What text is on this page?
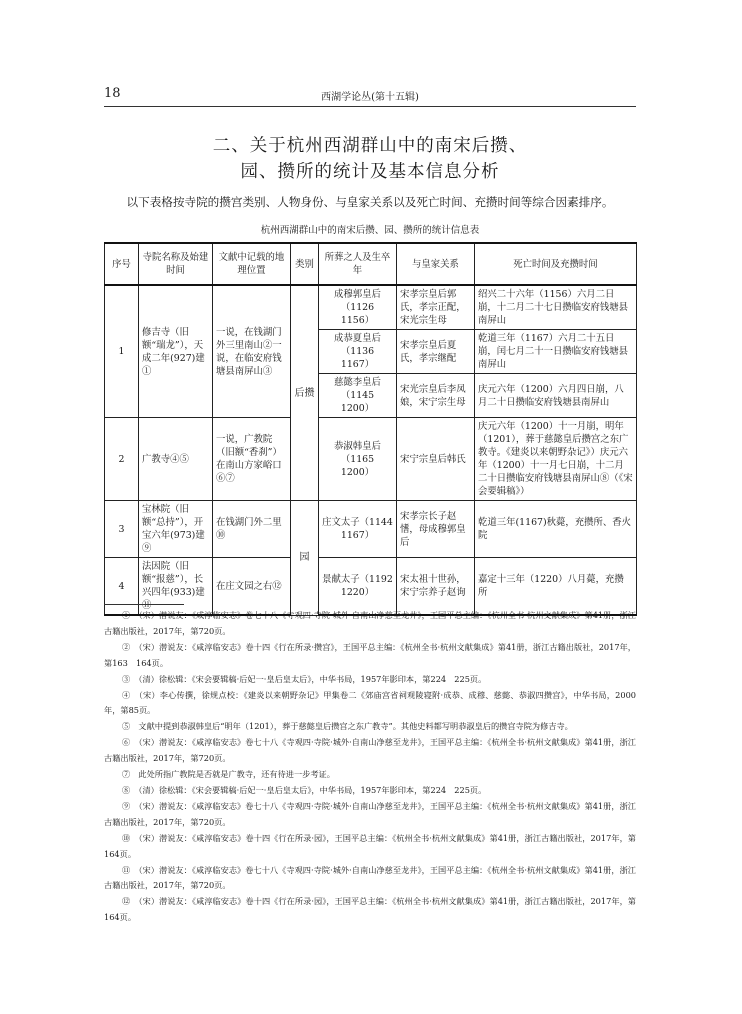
18	西湖学论丛(第十五辑)
二、关于杭州西湖群山中的南宋后攒、
园、攒所的统计及基本信息分析
以下表格按寺院的攒宫类别、人物身份、与皇家关系以及死亡时间、充攒时间等综合因素排序。
杭州西湖群山中的南宋后攒、园、攒所的统计信息表
序号	寺院名称及始建时间	文献中记载的地理位置	类别	所葬之人及生卒年	与皇家关系	死亡时间及充攒时间
1	修吉寺（旧额“瑞龙”），天成二年(927)建①	一说，在钱湖门外三里南山②一说，在临安府钱塘县南屏山③	后攒	成穆郭皇后（1126　1156）	宋孝宗皇后郭氏，孝宗正配，宋光宗生母	绍兴二十六年（1156）六月二日崩，十二月二十七日攒临安府钱塘县南屏山
				成恭夏皇后（1136　1167）	宋孝宗皇后夏氏，孝宗继配	乾道三年（1167）六月二十五日崩，闰七月二十一日攒临安府钱塘县南屏山
				慈懿李皇后（1145　1200）	宋光宗皇后李凤娘，宋宁宗生母	庆元六年（1200）六月四日崩，八月二十日攒临安府钱塘县南屏山
2	广教寺④⑤	一说，广教院（旧额“香刹”）在南山方家峪口⑥⑦		恭淑韩皇后（1165　1200）	宋宁宗皇后韩氏	庆元六年（1200）十一月崩，明年（1201），葬于慈懿皇后攒宫之东广教寺。《建炎以来朝野杂记》）庆元六年（1200）十一月七日崩，十二月二十日攒临安府钱塘县南屏山⑧（《宋会要辑稿》）
3	宝林院（旧额“总持”），开宝六年(973)建⑨	在钱湖门外二里⑩	园	庄文太子（1144　1167）	宋孝宗长子赵愭，母成穆郭皇后	乾道三年(1167)秋薨，充攒所、香火院
4	法因院（旧额“报慈”），长兴四年(933)建⑪	在庄文园之右⑫		景献太子（1192　1220）	宋太祖十世孙，宋宁宗养子赵询	嘉定十三年（1220）八月薨，充攒所
①　（宋）潜说友：《咸淳临安志》卷七十八《寺观四·寺院·城外·自南山净慈至龙井》，王国平总主编：《杭州全书·杭州文献集成》第41册，浙江古籍出版社，2017年，第720页。
②　（宋）潜说友：《咸淳临安志》卷十四《行在所录·攒宫》，王国平总主编：《杭州全书·杭州文献集成》第41册，浙江古籍出版社，2017年，第163　164页。
③　（清）徐松辑：《宋会要辑稿·后妃一·皇后皇太后》，中华书局，1957年影印本，第224　225页。
④　（宋）李心传撰，徐规点校：《建炎以来朝野杂记》甲集卷二《郊庙宫省祠观陵寝附·成恭、成穆、慈懿、恭淑四攒宫》，中华书局，2000年，第85页。
⑤　文献中提到恭淑韩皇后“明年（1201），葬于慈懿皇后攒宫之东广教寺”。其他史料都写明恭淑皇后的攒宫寺院为修吉寺。
⑥　（宋）潜说友：《咸淳临安志》卷七十八《寺观四·寺院·城外·自南山净慈至龙井》，王国平总主编：《杭州全书·杭州文献集成》第41册，浙江古籍出版社，2017年，第720页。
⑦　此处所指广教院是否就是广教寺，还有待进一步考证。
⑧　（清）徐松辑：《宋会要辑稿·后妃一·皇后皇太后》，中华书局，1957年影印本，第224　225页。
⑨　（宋）潜说友：《咸淳临安志》卷七十八《寺观四·寺院·城外·自南山净慈至龙井》，王国平总主编：《杭州全书·杭州文献集成》第41册，浙江古籍出版社，2017年，第720页。
⑩　（宋）潜说友：《咸淳临安志》卷十四《行在所录·园》，王国平总主编：《杭州全书·杭州文献集成》第41册，浙江古籍出版社，2017年，第164页。
⑪　（宋）潜说友：《咸淳临安志》卷七十八《寺观四·寺院·城外·自南山净慈至龙井》，王国平总主编：《杭州全书·杭州文献集成》第41册，浙江古籍出版社，2017年，第720页。
⑫　（宋）潜说友：《咸淳临安志》卷十四《行在所录·园》，王国平总主编：《杭州全书·杭州文献集成》第41册，浙江古籍出版社，2017年，第164页。
